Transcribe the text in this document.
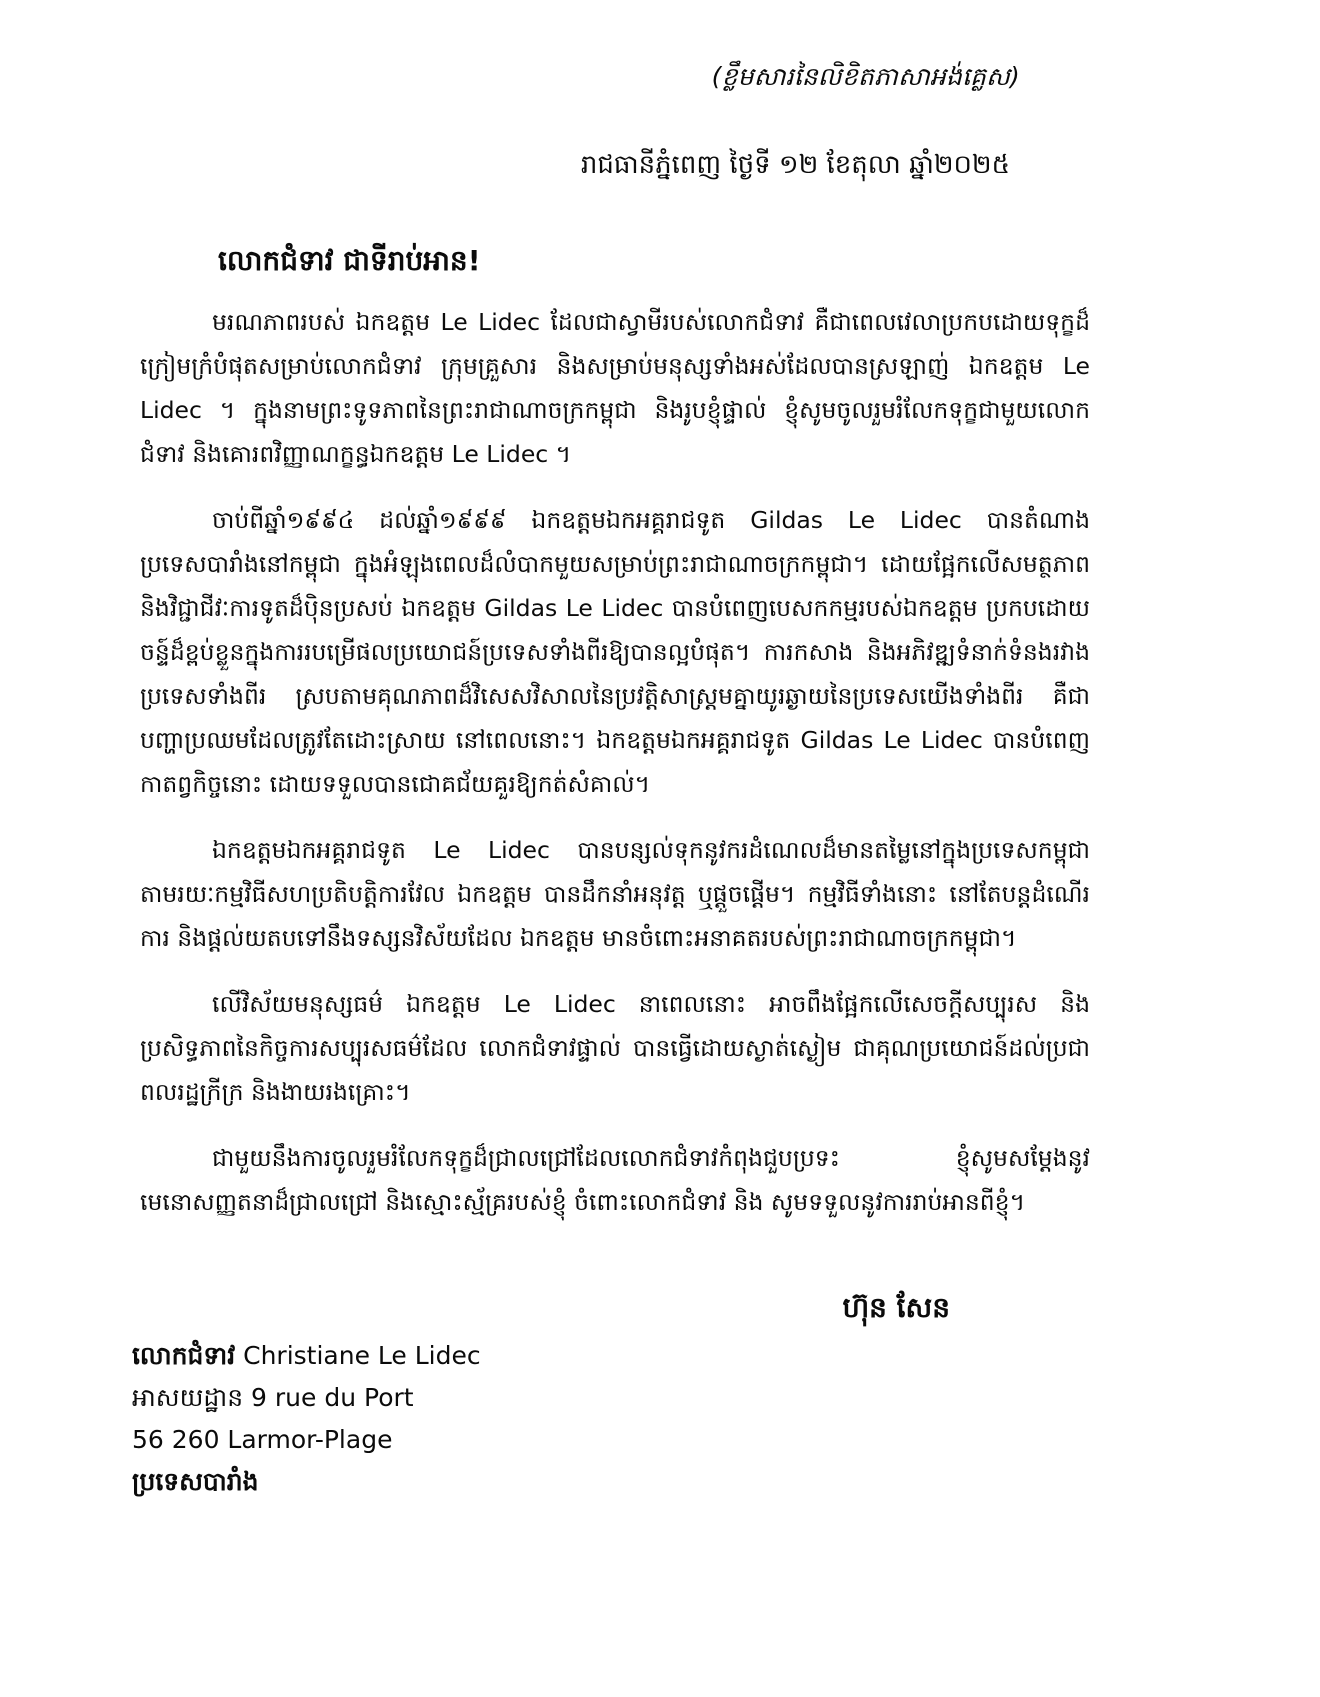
(ខ្លឹមសារនៃលិខិតភាសាអង់គ្លេស)
រាជធានីភ្នំពេញ ថ្ងៃទី ១២ ខែតុលា ឆ្នាំ២០២៥
លោកជំទាវ ជាទីរាប់អាន!

មរណភាពរបស់ ឯកឧត្តម Le Lidec ដែលជាស្វាមីរបស់លោកជំទាវ គឺជាពេលវេលាប្រកបដោយទុក្ខដ៏ក្រៀមក្រំបំផុតសម្រាប់លោកជំទាវ ក្រុមគ្រួសារ និងសម្រាប់មនុស្សទាំងអស់ដែលបានស្រឡាញ់ ឯកឧត្តម Le Lidec ។ ក្នុងនាមព្រះទូទភាពនៃព្រះរាជាណាចក្រកម្ពុជា និងរូបខ្ញុំផ្ទាល់ ខ្ញុំសូមចូលរួមរំលែកទុក្ខជាមួយលោកជំទាវ និងគោរពវិញ្ញាណក្ខន្ធឯកឧត្តម Le Lidec ។

ចាប់ពីឆ្នាំ១៩៩៤ ដល់ឆ្នាំ១៩៩៩ ឯកឧត្តមឯកអគ្គរាជទូត Gildas Le Lidec បានតំណាងប្រទេសបារាំងនៅកម្ពុជា ក្នុងអំឡុងពេលដ៏លំបាកមួយសម្រាប់ព្រះរាជាណាចក្រកម្ពុជា។ ដោយផ្អែកលើសមត្ថភាព និងវិជ្ជាជីវៈការទូតដ៏ប៉ិនប្រសប់ ឯកឧត្តម Gildas Le Lidec បានបំពេញបេសកកម្មរបស់ឯកឧត្តម ប្រកបដោយចន្ទ៍ដ៏ខ្ពប់ខ្លួនក្នុងការរបម្រើផលប្រយោជន៍ប្រទេសទាំងពីរឱ្យបានល្អបំផុត។ ការកសាង និងអភិវឌ្ឍទំនាក់ទំនងរវាងប្រទេសទាំងពីរ ស្របតាមគុណភាពដ៏វិសេសវិសាលនៃប្រវត្តិសាស្ត្រមគ្នាយូរឆ្ងាយនៃប្រទេសយើងទាំងពីរ គឺជាបញ្ហាប្រឈមដែលត្រូវតែដោះស្រាយ នៅពេលនោះ។ ឯកឧត្តមឯកអគ្គរាជទូត Gildas Le Lidec បានបំពេញកាតព្វកិច្ចនោះ ដោយទទួលបានជោគជ័យគួរឱ្យកត់សំគាល់។

ឯកឧត្តមឯកអគ្គរាជទូត Le Lidec បានបន្សល់ទុកនូវករដំណេលដ៏មានតម្លៃនៅក្នុងប្រទេសកម្ពុជា តាមរយៈកម្មវិធីសហប្រតិបត្តិការវែល ឯកឧត្តម បានដឹកនាំអនុវត្ត ឬផ្ដួចផ្ដើម។ កម្មវិធីទាំងនោះ នៅតែបន្តដំណើរការ និងផ្ដល់យតបទៅនឹងទស្សនវិស័យដែល ឯកឧត្តម មានចំពោះអនាគតរបស់ព្រះរាជាណាចក្រកម្ពុជា។

លើវិស័យមនុស្សធម៌ ឯកឧត្តម Le Lidec នាពេលនោះ អាចពឹងផ្អែកលើសេចក្ដីសប្បុរស និងប្រសិទ្ធភាពនៃកិច្ចការសប្បុរសធម៌ដែល លោកជំទាវផ្ទាល់ បានធ្វើដោយស្ងាត់ស្ងៀម ជាគុណប្រយោជន៍ដល់ប្រជាពលរដ្ឋក្រីក្រ និងងាយរងគ្រោះ។

ជាមួយនឹងការចូលរួមរំលែកទុក្ខដ៏ជ្រាលជ្រៅដែលលោកជំទាវកំពុងជួបប្រទះ ខ្ញុំសូមសម្ដែងនូវមេនោសញ្ញតនាដ៏ជ្រាលជ្រៅ និងស្មោះស្ម័គ្ររបស់ខ្ញុំ ចំពោះលោកជំទាវ និង សូមទទួលនូវការរាប់អានពីខ្ញុំ។

ហ៊ុន សែន
លោកជំទាវ Christiane Le Lidec
អាសយដ្ឋាន 9 rue du Port
56 260 Larmor-Plage
ប្រទេសបារាំង
